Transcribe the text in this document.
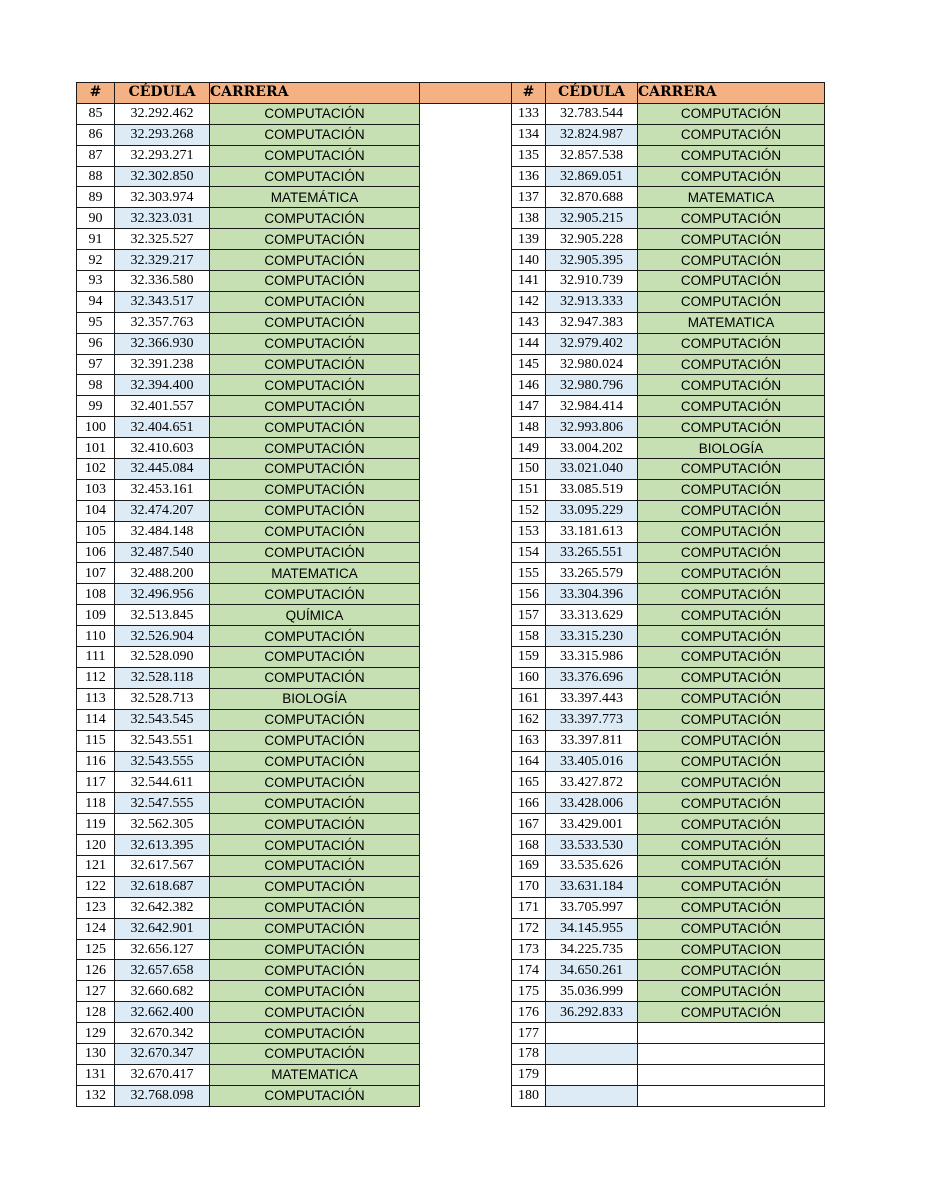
#	CÉDULA	CARRERA	
85	32.292.462	COMPUTACIÓN	
86	32.293.268	COMPUTACIÓN	
87	32.293.271	COMPUTACIÓN	
88	32.302.850	COMPUTACIÓN	
89	32.303.974	MATEMÁTICA	
90	32.323.031	COMPUTACIÓN	
91	32.325.527	COMPUTACIÓN	
92	32.329.217	COMPUTACIÓN	
93	32.336.580	COMPUTACIÓN	
94	32.343.517	COMPUTACIÓN	
95	32.357.763	COMPUTACIÓN	
96	32.366.930	COMPUTACIÓN	
97	32.391.238	COMPUTACIÓN	
98	32.394.400	COMPUTACIÓN	
99	32.401.557	COMPUTACIÓN	
100	32.404.651	COMPUTACIÓN	
101	32.410.603	COMPUTACIÓN	
102	32.445.084	COMPUTACIÓN	
103	32.453.161	COMPUTACIÓN	
104	32.474.207	COMPUTACIÓN	
105	32.484.148	COMPUTACIÓN	
106	32.487.540	COMPUTACIÓN	
107	32.488.200	MATEMATICA	
108	32.496.956	COMPUTACIÓN	
109	32.513.845	QUÍMICA	
110	32.526.904	COMPUTACIÓN	
111	32.528.090	COMPUTACIÓN	
112	32.528.118	COMPUTACIÓN	
113	32.528.713	BIOLOGÍA	
114	32.543.545	COMPUTACIÓN	
115	32.543.551	COMPUTACIÓN	
116	32.543.555	COMPUTACIÓN	
117	32.544.611	COMPUTACIÓN	
118	32.547.555	COMPUTACIÓN	
119	32.562.305	COMPUTACIÓN	
120	32.613.395	COMPUTACIÓN	
121	32.617.567	COMPUTACIÓN	
122	32.618.687	COMPUTACIÓN	
123	32.642.382	COMPUTACIÓN	
124	32.642.901	COMPUTACIÓN	
125	32.656.127	COMPUTACIÓN	
126	32.657.658	COMPUTACIÓN	
127	32.660.682	COMPUTACIÓN	
128	32.662.400	COMPUTACIÓN	
129	32.670.342	COMPUTACIÓN	
130	32.670.347	COMPUTACIÓN	
131	32.670.417	MATEMATICA	
132	32.768.098	COMPUTACIÓN	
#	CÉDULA	CARRERA
133	32.783.544	COMPUTACIÓN
134	32.824.987	COMPUTACIÓN
135	32.857.538	COMPUTACIÓN
136	32.869.051	COMPUTACIÓN
137	32.870.688	MATEMATICA
138	32.905.215	COMPUTACIÓN
139	32.905.228	COMPUTACIÓN
140	32.905.395	COMPUTACIÓN
141	32.910.739	COMPUTACIÓN
142	32.913.333	COMPUTACIÓN
143	32.947.383	MATEMATICA
144	32.979.402	COMPUTACIÓN
145	32.980.024	COMPUTACIÓN
146	32.980.796	COMPUTACIÓN
147	32.984.414	COMPUTACIÓN
148	32.993.806	COMPUTACIÓN
149	33.004.202	BIOLOGÍA
150	33.021.040	COMPUTACIÓN
151	33.085.519	COMPUTACIÓN
152	33.095.229	COMPUTACIÓN
153	33.181.613	COMPUTACIÓN
154	33.265.551	COMPUTACIÓN
155	33.265.579	COMPUTACIÓN
156	33.304.396	COMPUTACIÓN
157	33.313.629	COMPUTACIÓN
158	33.315.230	COMPUTACIÓN
159	33.315.986	COMPUTACIÓN
160	33.376.696	COMPUTACIÓN
161	33.397.443	COMPUTACIÓN
162	33.397.773	COMPUTACIÓN
163	33.397.811	COMPUTACIÓN
164	33.405.016	COMPUTACIÓN
165	33.427.872	COMPUTACIÓN
166	33.428.006	COMPUTACIÓN
167	33.429.001	COMPUTACIÓN
168	33.533.530	COMPUTACIÓN
169	33.535.626	COMPUTACIÓN
170	33.631.184	COMPUTACIÓN
171	33.705.997	COMPUTACIÓN
172	34.145.955	COMPUTACIÓN
173	34.225.735	COMPUTACION
174	34.650.261	COMPUTACIÓN
175	35.036.999	COMPUTACIÓN
176	36.292.833	COMPUTACIÓN
177		
178		
179		
180		
